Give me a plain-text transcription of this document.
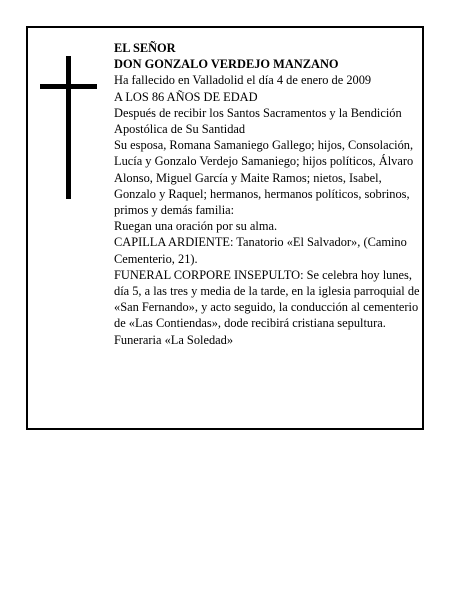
EL SEÑOR

DON GONZALO VERDEJO MANZANO

Ha fallecido en Valladolid el día 4 de enero de 2009

A LOS 86 AÑOS DE EDAD

Después de recibir los Santos Sacramentos y la Bendición Apostólica de Su Santidad

Su esposa, Romana Samaniego Gallego; hijos, Consolación, Lucía y Gonzalo Verdejo Samaniego; hijos políticos, Álvaro Alonso, Miguel García y Maite Ramos; nietos, Isabel, Gonzalo y Raquel; hermanos, hermanos políticos, sobrinos, primos y demás familia:

Ruegan una oración por su alma.

CAPILLA ARDIENTE: Tanatorio «El Salvador», (Camino Cementerio, 21).

FUNERAL CORPORE INSEPULTO: Se celebra hoy lunes, día 5, a las tres y media de la tarde, en la iglesia parroquial de «San Fernando», y acto seguido, la conducción al cementerio de «Las Contiendas», dode recibirá cristiana sepultura.

Funeraria «La Soledad»
